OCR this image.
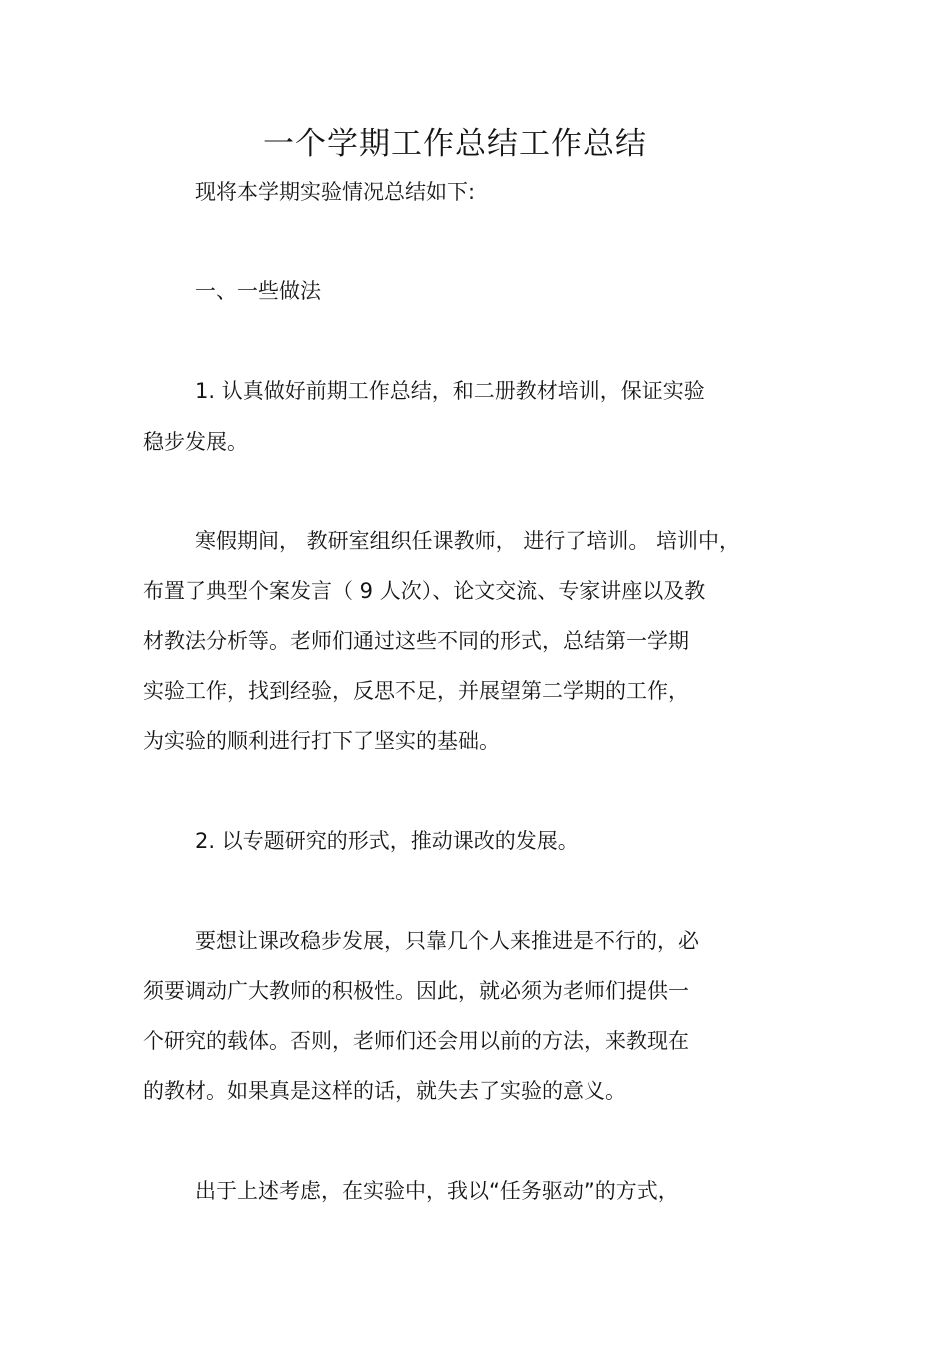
一个学期工作总结工作总结
现将本学期实验情况总结如下:
一、一些做法
1. 认真做好前期工作总结，和二册教材培训，保证实验
稳步发展。
寒假期间， 教研室组织任课教师， 进行了培训。 培训中，
布置了典型个案发言（ 9 人次）、论文交流、专家讲座以及教
材教法分析等。老师们通过这些不同的形式，总结第一学期
实验工作，找到经验，反思不足，并展望第二学期的工作，
为实验的顺利进行打下了坚实的基础。
2. 以专题研究的形式，推动课改的发展。
要想让课改稳步发展，只靠几个人来推进是不行的，必
须要调动广大教师的积极性。因此，就必须为老师们提供一
个研究的载体。否则，老师们还会用以前的方法，来教现在
的教材。如果真是这样的话，就失去了实验的意义。
出于上述考虑，在实验中，我以“任务驱动”的方式，
